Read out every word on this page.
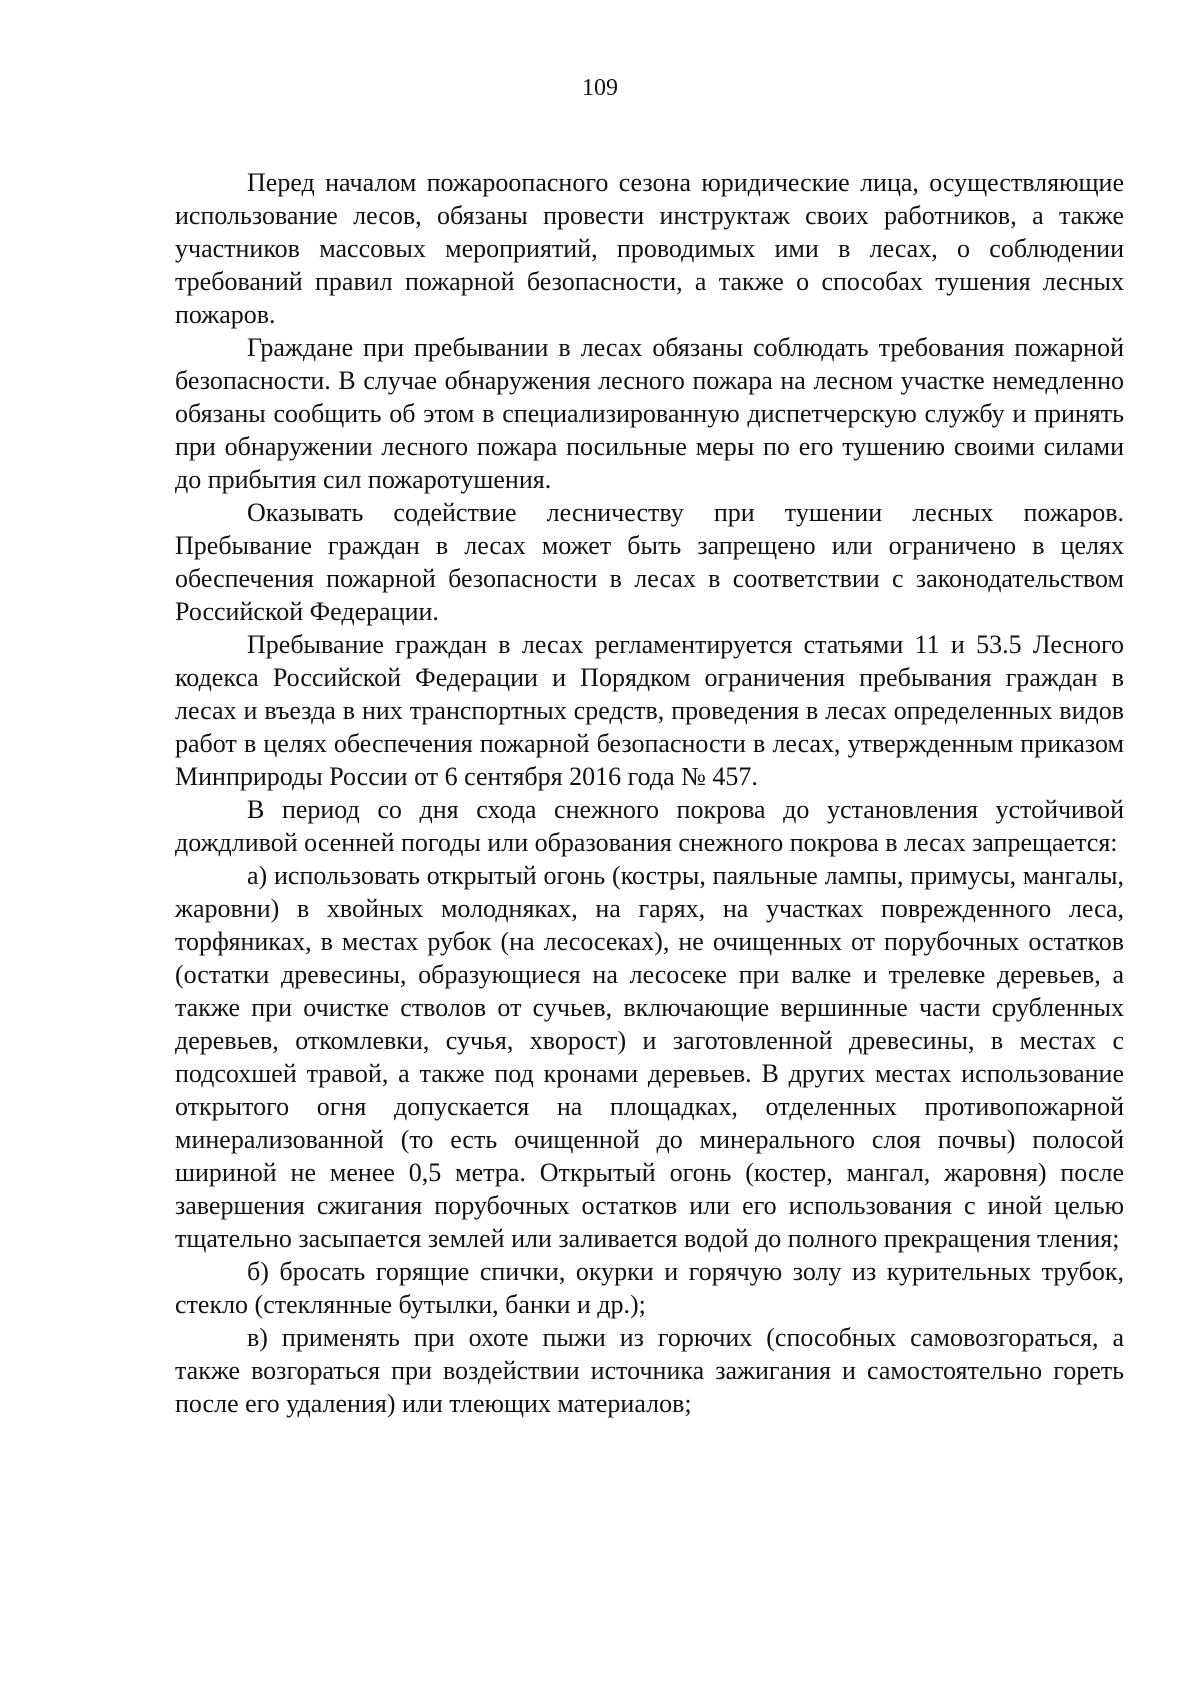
109

Перед началом пожароопасного сезона юридические лица, осуществляющие использование лесов, обязаны провести инструктаж своих работников, а также участников массовых мероприятий, проводимых ими в лесах, о соблюдении требований правил пожарной безопасности, а также о способах тушения лесных пожаров.

Граждане при пребывании в лесах обязаны соблюдать требования пожарной безопасности. В случае обнаружения лесного пожара на лесном участке немедленно обязаны сообщить об этом в специализированную диспетчерскую службу и принять при обнаружении лесного пожара посильные меры по его тушению своими силами до прибытия сил пожаротушения.

Оказывать содействие лесничеству при тушении лесных пожаров. Пребывание граждан в лесах может быть запрещено или ограничено в целях обеспечения пожарной безопасности в лесах в соответствии с законодательством Российской Федерации.

Пребывание граждан в лесах регламентируется статьями 11 и 53.5 Лесного кодекса Российской Федерации и Порядком ограничения пребывания граждан в лесах и въезда в них транспортных средств, проведения в лесах определенных видов работ в целях обеспечения пожарной безопасности в лесах, утвержденным приказом Минприроды России от 6 сентября 2016 года № 457.

В период со дня схода снежного покрова до установления устойчивой дождливой осенней погоды или образования снежного покрова в лесах запрещается:

а) использовать открытый огонь (костры, паяльные лампы, примусы, мангалы, жаровни) в хвойных молодняках, на гарях, на участках поврежденного леса, торфяниках, в местах рубок (на лесосеках), не очищенных от порубочных остатков (остатки древесины, образующиеся на лесосеке при валке и трелевке деревьев, а также при очистке стволов от сучьев, включающие вершинные части срубленных деревьев, откомлевки, сучья, хворост) и заготовленной древесины, в местах с подсохшей травой, а также под кронами деревьев. В других местах использование открытого огня допускается на площадках, отделенных противопожарной минерализованной (то есть очищенной до минерального слоя почвы) полосой шириной не менее 0,5 метра. Открытый огонь (костер, мангал, жаровня) после завершения сжигания порубочных остатков или его использования с иной целью тщательно засыпается землей или заливается водой до полного прекращения тления;

б) бросать горящие спички, окурки и горячую золу из курительных трубок, стекло (стеклянные бутылки, банки и др.);

в) применять при охоте пыжи из горючих (способных самовозгораться, а также возгораться при воздействии источника зажигания и самостоятельно гореть после его удаления) или тлеющих материалов;
